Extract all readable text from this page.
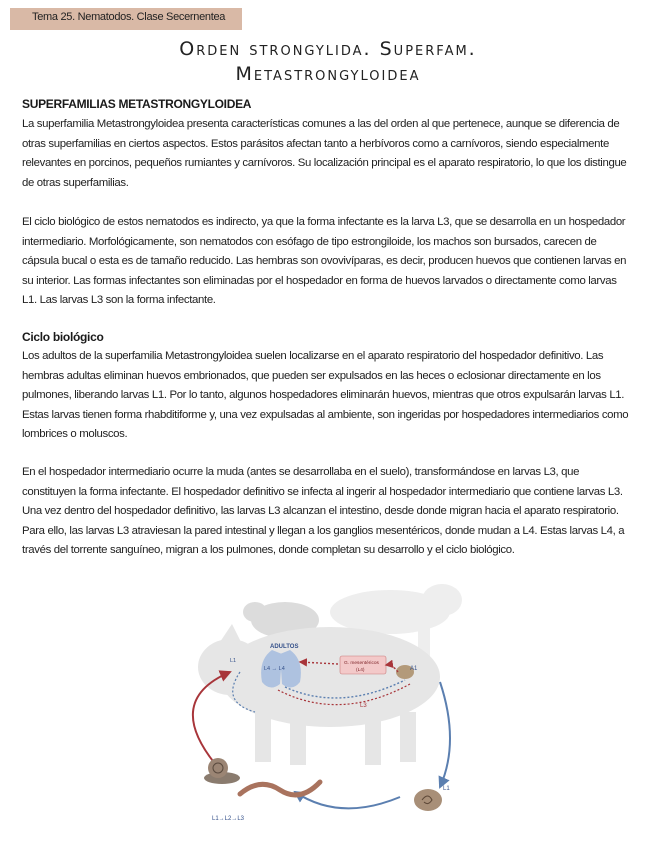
Tema 25. Nematodos. Clase Secernentea
Orden strongylida. Superfam.
Metastrongyloidea
SUPERFAMILIAS METASTRONGYLOIDEA

La superfamilia Metastrongyloidea presenta características comunes a las del orden al que pertenece, aunque se diferencia de otras superfamilias en ciertos aspectos. Estos parásitos afectan tanto a herbívoros como a carnívoros, siendo especialmente relevantes en porcinos, pequeños rumiantes y carnívoros. Su localización principal es el aparato respiratorio, lo que los distingue de otras superfamilias.

El ciclo biológico de estos nematodos es indirecto, ya que la forma infectante es la larva L3, que se desarrolla en un hospedador intermediario. Morfológicamente, son nematodos con esófago de tipo estrongiloide, los machos son bursados, carecen de cápsula bucal o esta es de tamaño reducido. Las hembras son ovovivíparas, es decir, producen huevos que contienen larvas en su interior. Las formas infectantes son eliminadas por el hospedador en forma de huevos larvados o directamente como larvas L1. Las larvas L3 son la forma infectante.

Ciclo biológico

Los adultos de la superfamilia Metastrongyloidea suelen localizarse en el aparato respiratorio del hospedador definitivo. Las hembras adultas eliminan huevos embrionados, que pueden ser expulsados en las heces o eclosionar directamente en los pulmones, liberando larvas L1. Por lo tanto, algunos hospedadores eliminarán huevos, mientras que otros expulsarán larvas L1. Estas larvas tienen forma rhabditiforme y, una vez expulsadas al ambiente, son ingeridas por hospedadores intermediarios como lombrices o moluscos.

En el hospedador intermediario ocurre la muda (antes se desarrollaba en el suelo), transformándose en larvas L3, que constituyen la forma infectante. El hospedador definitivo se infecta al ingerir al hospedador intermediario que contiene larvas L3. Una vez dentro del hospedador definitivo, las larvas L3 alcanzan el intestino, desde donde migran hacia el aparato respiratorio. Para ello, las larvas L3 atraviesan la pared intestinal y llegan a los ganglios mesentéricos, donde mudan a L4. Estas larvas L4, a través del torrente sanguíneo, migran a los pulmones, donde completan su desarrollo y el ciclo biológico.

ADULTOS
L4 → L4
L1	G. mesentéricos
(L4)	A1
L3
L1
L1→L2→L3
